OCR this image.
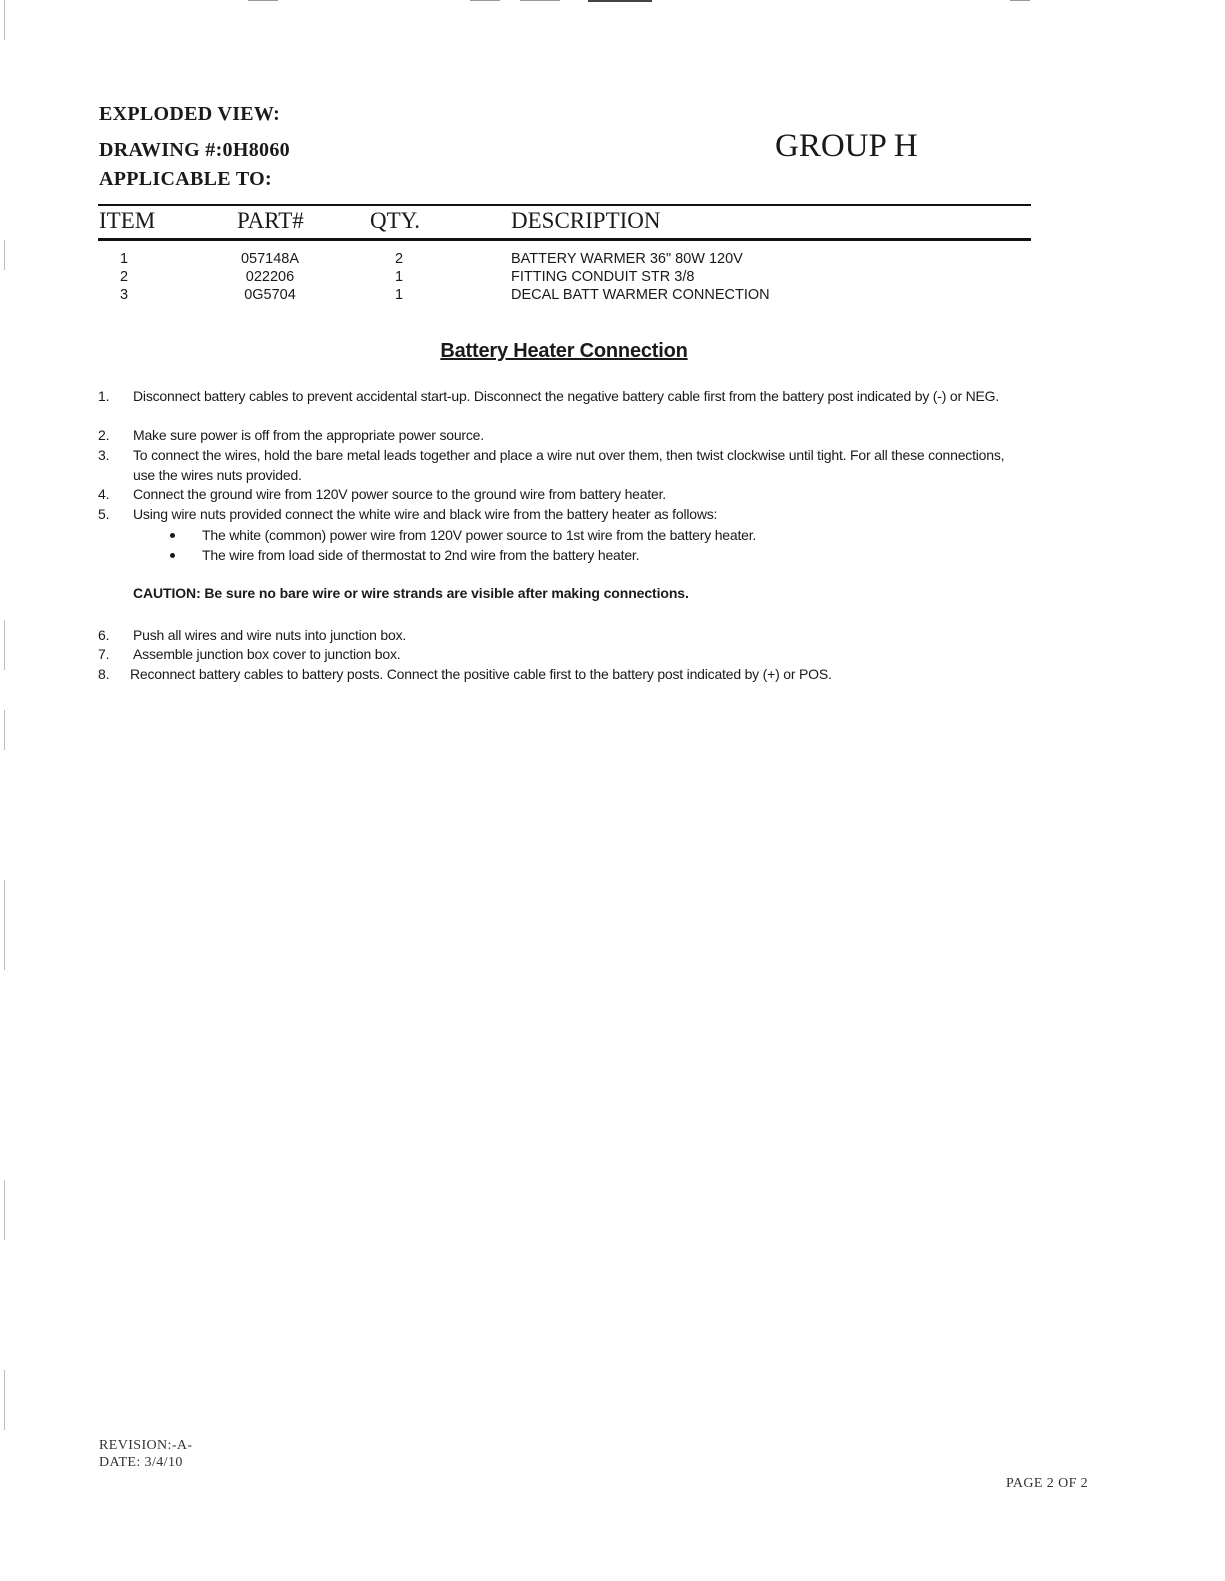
EXPLODED VIEW:
DRAWING #:0H8060
APPLICABLE TO:
GROUP H
ITEM	PART#	QTY.	DESCRIPTION
1	057148A	2	BATTERY WARMER 36" 80W 120V
2	022206	1	FITTING CONDUIT STR 3/8
3	0G5704	1	DECAL BATT WARMER CONNECTION
Battery Heater Connection
1. Disconnect battery cables to prevent accidental start-up. Disconnect the negative battery cable first from the battery post indicated by (-) or NEG.
2. Make sure power is off from the appropriate power source.
3. To connect the wires, hold the bare metal leads together and place a wire nut over them, then twist clockwise until tight. For all these connections, use the wires nuts provided.
4. Connect the ground wire from 120V power source to the ground wire from battery heater.
5. Using wire nuts provided connect the white wire and black wire from the battery heater as follows:
The white (common) power wire from 120V power source to 1st wire from the battery heater.
The wire from load side of thermostat to 2nd wire from the battery heater.
CAUTION: Be sure no bare wire or wire strands are visible after making connections.
6. Push all wires and wire nuts into junction box.
7. Assemble junction box cover to junction box.
8. Reconnect battery cables to battery posts. Connect the positive cable first to the battery post indicated by (+) or POS.
REVISION:-A-
DATE: 3/4/10
PAGE 2 OF 2
